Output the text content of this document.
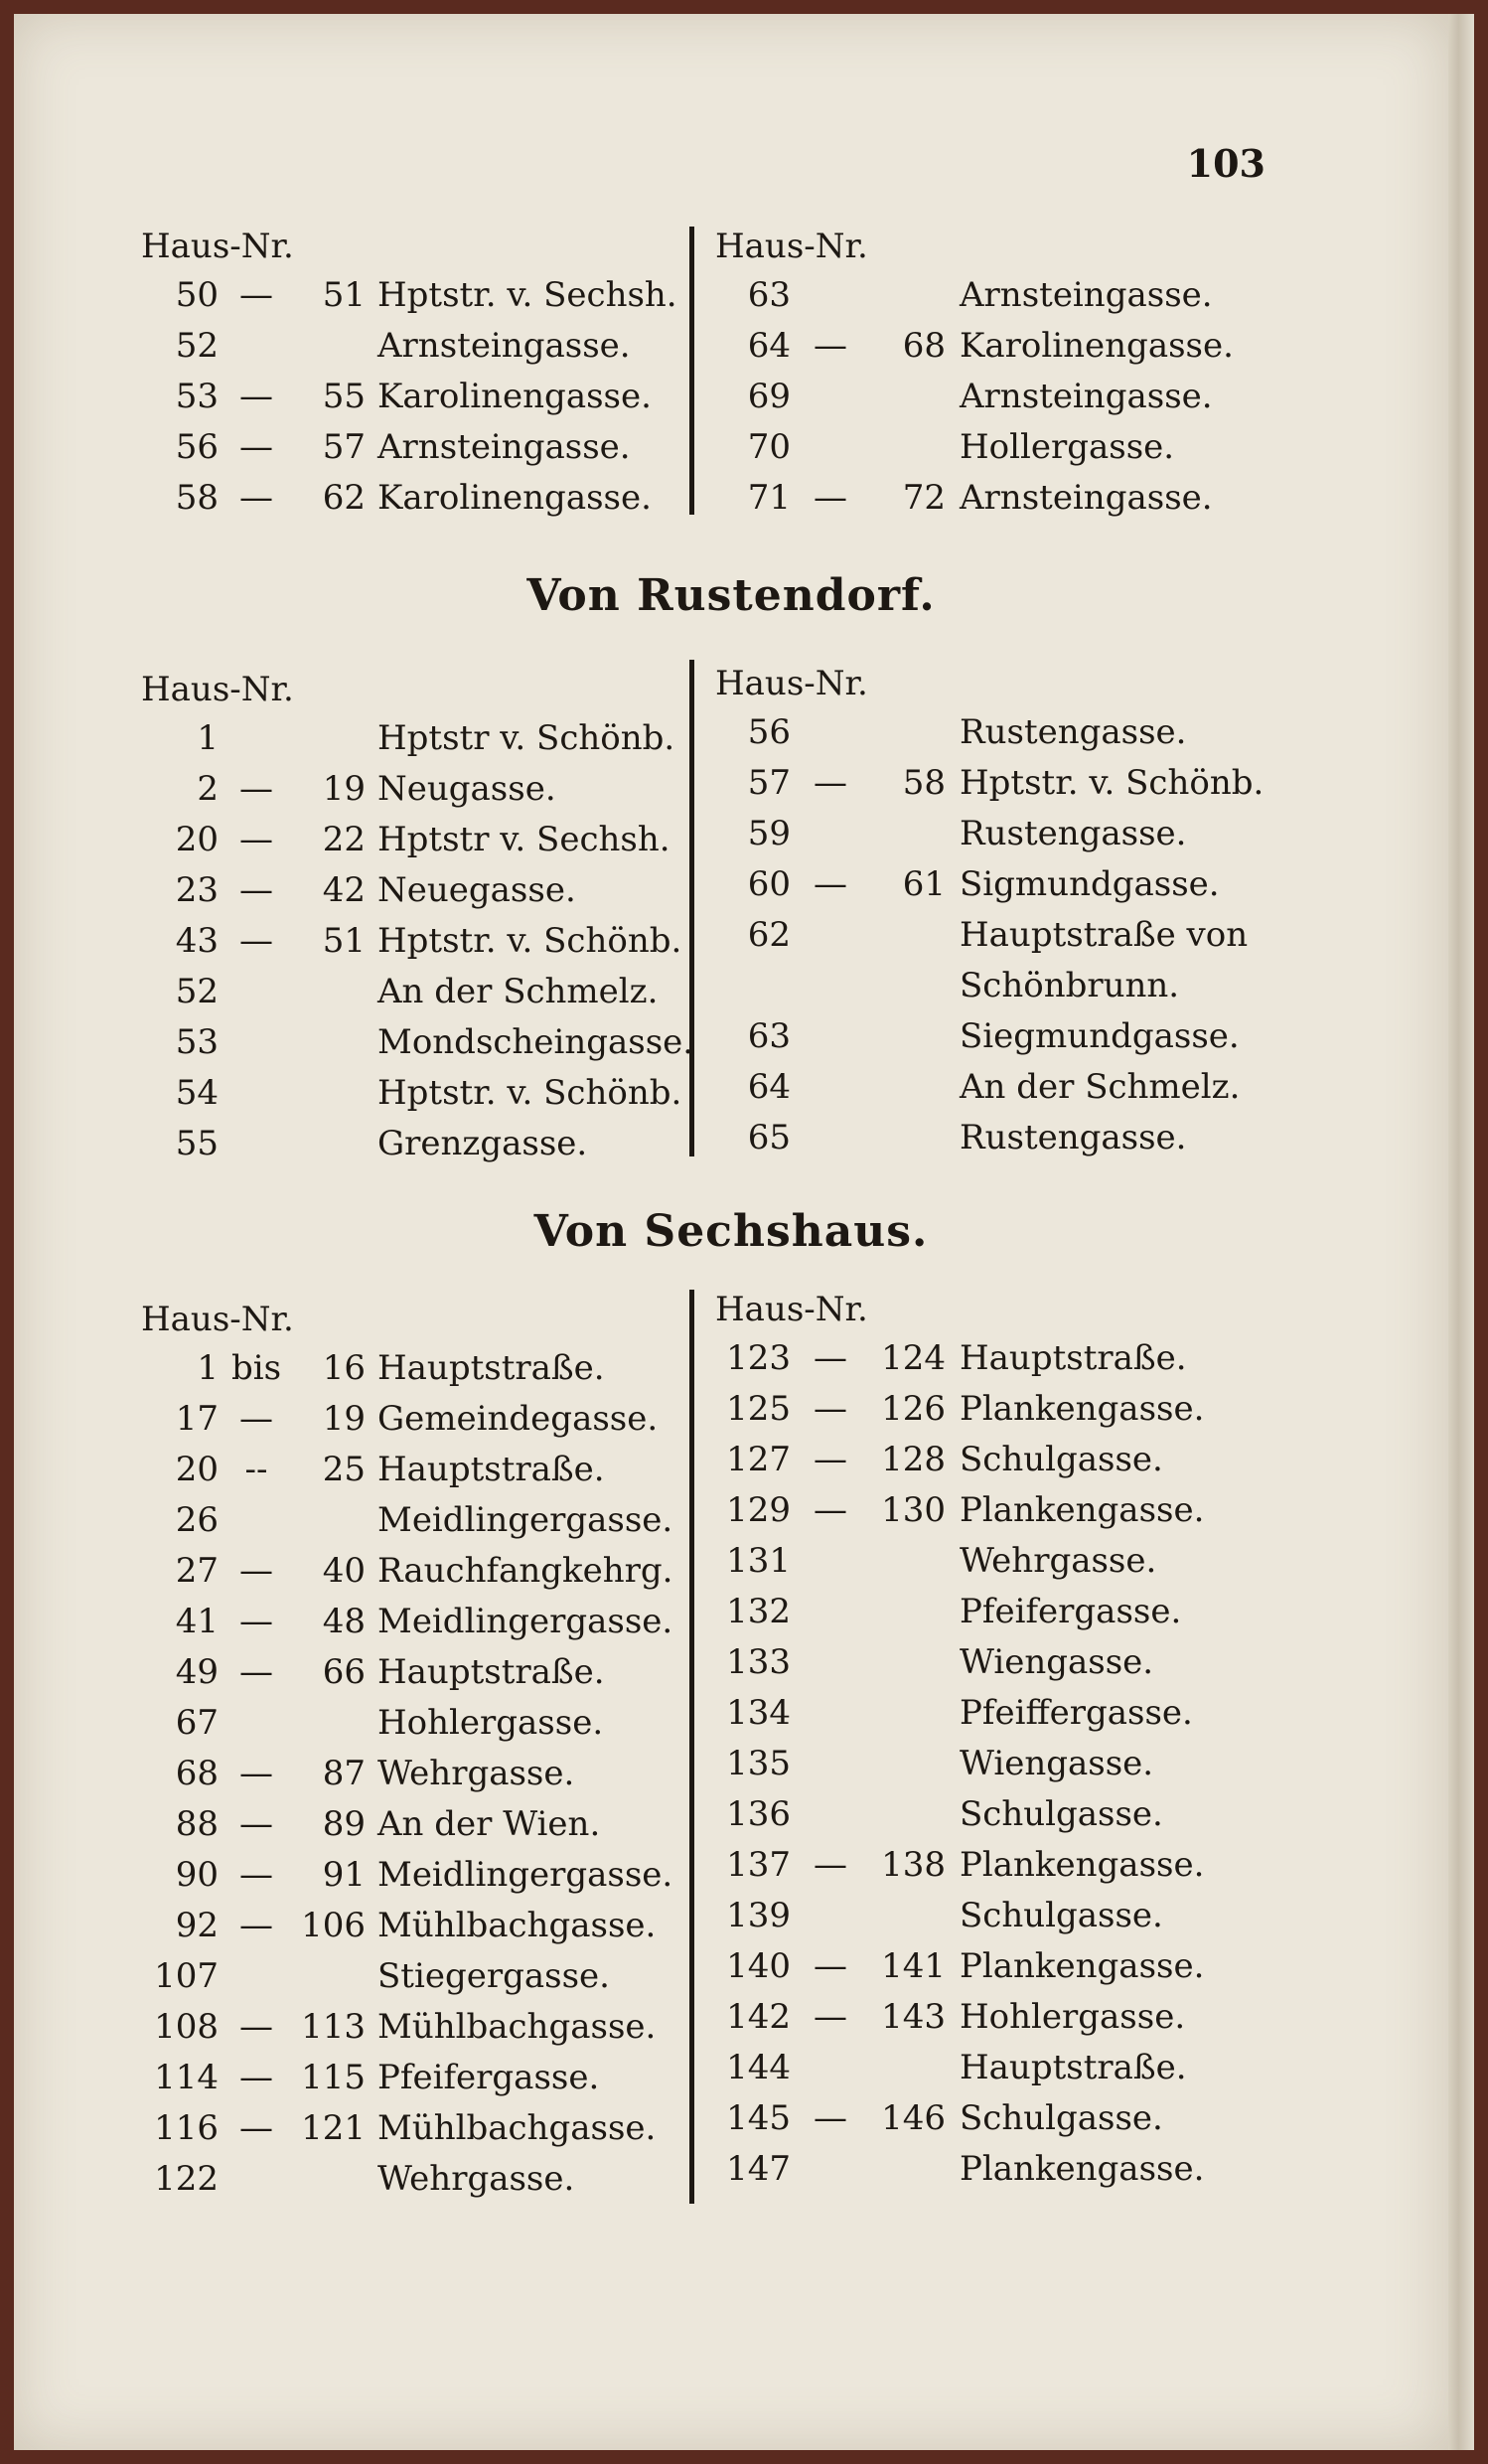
103
Haus-Nr.
50 —	51 Hptstr. v. Sechsh.
52	Arnsteingasse.
53 —	55 Karolinengasse.
56 —	57 Arnsteingasse.
58 —	62 Karolinengasse.
Haus-Nr.
63	Arnsteingasse.
64 —	68 Karolinengasse.
69	Arnsteingasse.
70	Hollergasse.
71 —	72 Arnsteingasse.
Von Rustendorf.
Haus-Nr.
1	Hptstr v. Schönb.
2 —	19 Neugasse.
20 —	22 Hptstr v. Sechsh.
23 —	42 Neuegasse.
43 —	51 Hptstr. v. Schönb.
52	An der Schmelz.
53	Mondscheingasse.
54	Hptstr. v. Schönb.
55	Grenzgasse.
Haus-Nr.
56	Rustengasse.
57 —	58 Hptstr. v. Schönb.
59	Rustengasse.
60 —	61 Sigmundgasse.
62	Hauptstraße von
Schönbrunn.
63	Siegmundgasse.
64	An der Schmelz.
65	Rustengasse.
Von Sechshaus.
Haus-Nr.
1 bis	16 Hauptstraße.
17 —	19 Gemeindegasse.
20 --	25 Hauptstraße.
26	Meidlingergasse.
27 —	40 Rauchfangkehrg.
41 —	48 Meidlingergasse.
49 —	66 Hauptstraße.
67	Hohlergasse.
68 —	87 Wehrgasse.
88 —	89 An der Wien.
90 —	91 Meidlingergasse.
92 — 106 Mühlbachgasse.
107	Stiegergasse.
108 — 113 Mühlbachgasse.
114 — 115 Pfeifergasse.
116 — 121 Mühlbachgasse.
122	Wehrgasse.
Haus-Nr.
123 —	124 Hauptstraße.
125 —	126 Plankengasse.
127 —	128 Schulgasse.
129 —	130 Plankengasse.
131	Wehrgasse.
132	Pfeifergasse.
133	Wiengasse.
134	Pfeiffergasse.
135	Wiengasse.
136	Schulgasse.
137 —	138 Plankengasse.
139	Schulgasse.
140 —	141 Plankengasse.
142 —	143 Hohlergasse.
144	Hauptstraße.
145 —	146 Schulgasse.
147	Plankengasse.
